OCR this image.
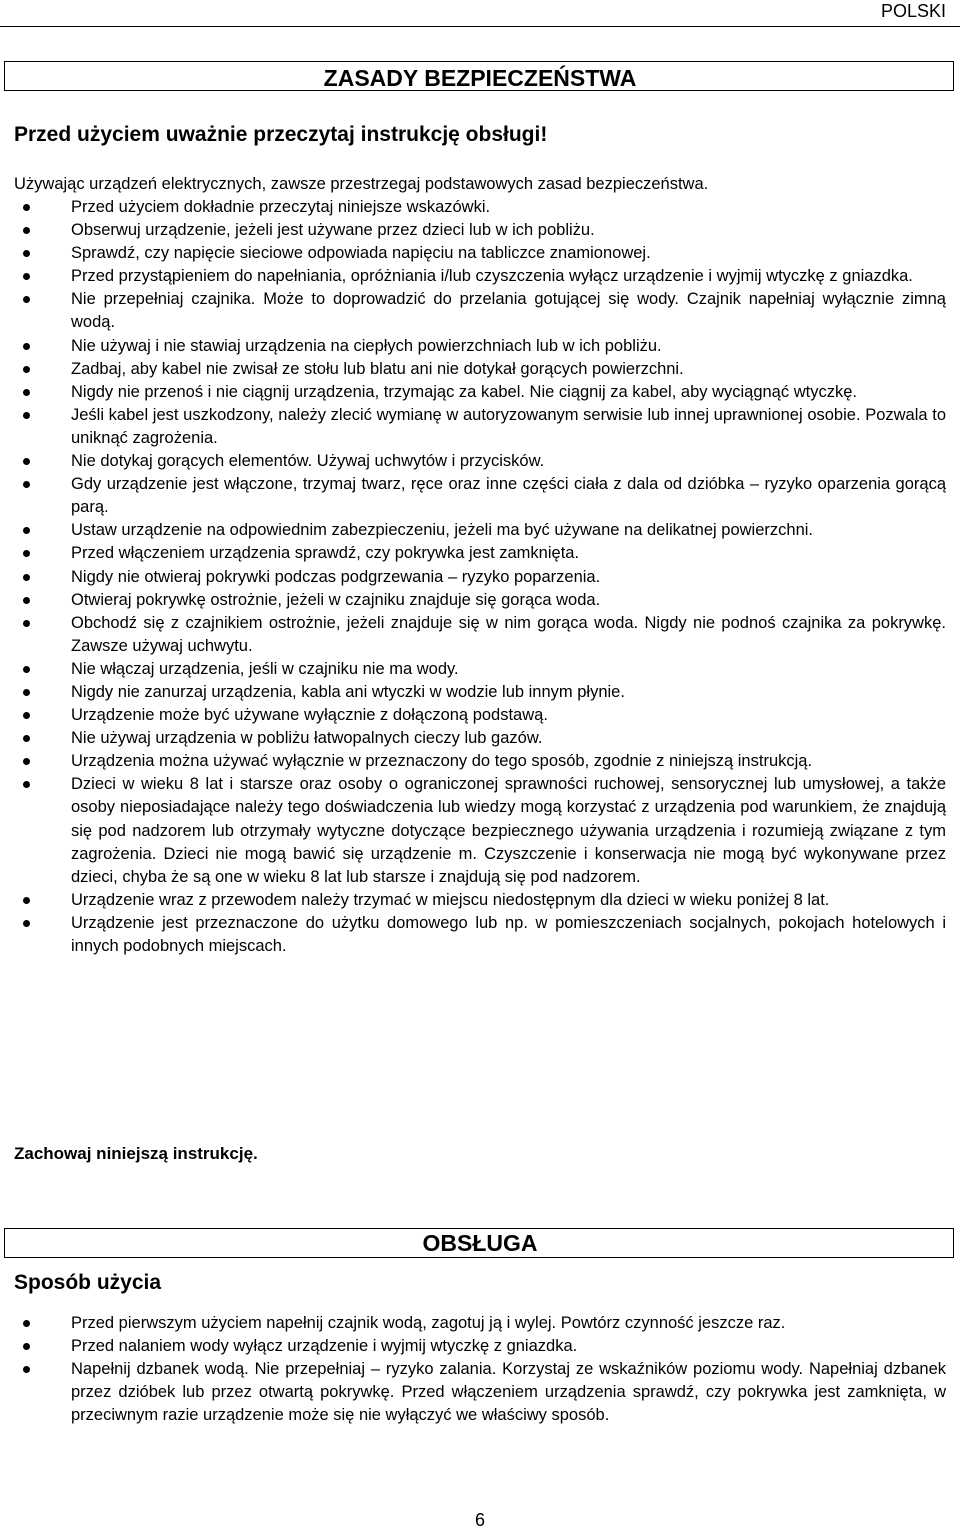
POLSKI
ZASADY BEZPIECZEŃSTWA
Przed użyciem uważnie przeczytaj instrukcję obsługi!
Używając urządzeń elektrycznych, zawsze przestrzegaj podstawowych zasad bezpieczeństwa.
Przed użyciem dokładnie przeczytaj niniejsze wskazówki.
Obserwuj urządzenie, jeżeli jest używane przez dzieci lub w ich pobliżu.
Sprawdź, czy napięcie sieciowe odpowiada napięciu na tabliczce znamionowej.
Przed przystąpieniem do napełniania, opróżniania i/lub czyszczenia wyłącz urządzenie i wyjmij wtyczkę z gniazdka.
Nie przepełniaj czajnika. Może to doprowadzić do przelania gotującej się wody. Czajnik napełniaj wyłącznie zimną wodą.
Nie używaj i nie stawiaj urządzenia na ciepłych powierzchniach lub w ich pobliżu.
Zadbaj, aby kabel nie zwisał ze stołu lub blatu ani nie dotykał gorących powierzchni.
Nigdy nie przenoś i nie ciągnij urządzenia, trzymając za kabel. Nie ciągnij za kabel, aby wyciągnąć wtyczkę.
Jeśli kabel jest uszkodzony, należy zlecić wymianę w autoryzowanym serwisie lub innej uprawnionej osobie. Pozwala to uniknąć zagrożenia.
Nie dotykaj gorących elementów. Używaj uchwytów i przycisków.
Gdy urządzenie jest włączone, trzymaj twarz, ręce oraz inne części ciała z dala od dzióbka – ryzyko oparzenia gorącą parą.
Ustaw urządzenie na odpowiednim zabezpieczeniu, jeżeli ma być używane na delikatnej powierzchni.
Przed włączeniem urządzenia sprawdź, czy pokrywka jest zamknięta.
Nigdy nie otwieraj pokrywki podczas podgrzewania – ryzyko poparzenia.
Otwieraj pokrywkę ostrożnie, jeżeli w czajniku znajduje się gorąca woda.
Obchodź się z czajnikiem ostrożnie, jeżeli znajduje się w nim gorąca woda. Nigdy nie podnoś czajnika za pokrywkę. Zawsze używaj uchwytu.
Nie włączaj urządzenia, jeśli w czajniku nie ma wody.
Nigdy nie zanurzaj urządzenia, kabla ani wtyczki w wodzie lub innym płynie.
Urządzenie może być używane wyłącznie z dołączoną podstawą.
Nie używaj urządzenia w pobliżu łatwopalnych cieczy lub gazów.
Urządzenia można używać wyłącznie w przeznaczony do tego sposób, zgodnie z niniejszą instrukcją.
Dzieci w wieku 8 lat i starsze oraz osoby o ograniczonej sprawności ruchowej, sensorycznej lub umysłowej, a także osoby nieposiadające należy tego doświadczenia lub wiedzy mogą korzystać z urządzenia pod warunkiem, że znajdują się pod nadzorem lub otrzymały wytyczne dotyczące bezpiecznego używania urządzenia i rozumieją związane z tym zagrożenia. Dzieci nie mogą bawić się urządzenie m. Czyszczenie i konserwacja nie mogą być wykonywane przez dzieci, chyba że są one w wieku 8 lat lub starsze i znajdują się pod nadzorem.
Urządzenie wraz z przewodem należy trzymać w miejscu niedostępnym dla dzieci w wieku poniżej 8 lat.
Urządzenie jest przeznaczone do użytku domowego lub np. w pomieszczeniach socjalnych, pokojach hotelowych i innych podobnych miejscach.
Zachowaj niniejszą instrukcję.
OBSŁUGA
Sposób użycia
Przed pierwszym użyciem napełnij czajnik wodą, zagotuj ją i wylej. Powtórz czynność jeszcze raz.
Przed nalaniem wody wyłącz urządzenie i wyjmij wtyczkę z gniazdka.
Napełnij dzbanek wodą. Nie przepełniaj – ryzyko zalania. Korzystaj ze wskaźników poziomu wody. Napełniaj dzbanek przez dzióbek lub przez otwartą pokrywkę. Przed włączeniem urządzenia sprawdź, czy pokrywka jest zamknięta, w przeciwnym razie urządzenie może się nie wyłączyć we właściwy sposób.
6
